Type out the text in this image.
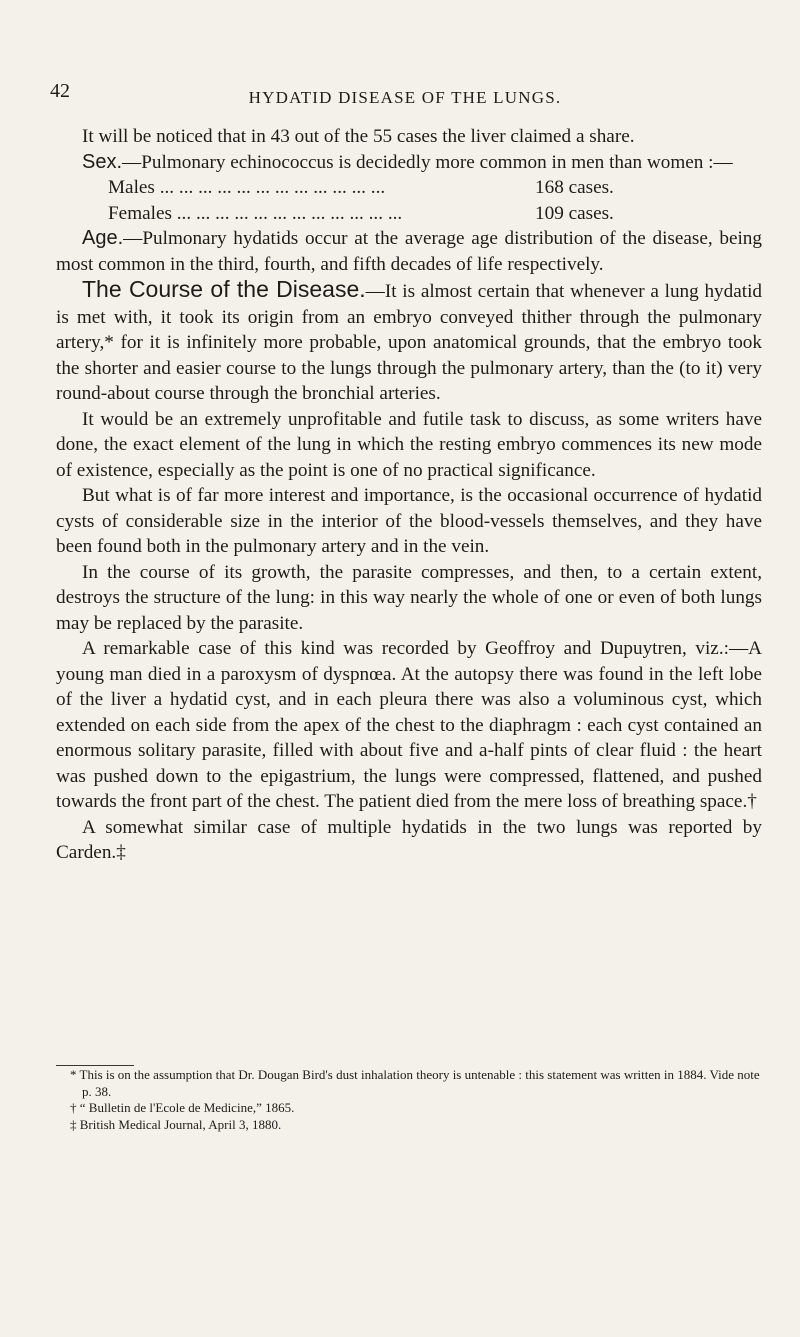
42	HYDATID DISEASE OF THE LUNGS.

It will be noticed that in 43 out of the 55 cases the liver claimed a share.

Sex.—Pulmonary echinococcus is decidedly more common in men than women :—

Males ... .	168 cases.
Females ... .	109 cases.

Age.—Pulmonary hydatids occur at the average age distribution of the disease, being most common in the third, fourth, and fifth decades of life respectively.

The Course of the Disease.—It is almost certain that whenever a lung hydatid is met with, it took its origin from an embryo conveyed thither through the pulmonary artery,* for it is infinitely more probable, upon anatomical grounds, that the embryo took the shorter and easier course to the lungs through the pulmonary artery, than the (to it) very round-about course through the bronchial arteries.

It would be an extremely unprofitable and futile task to discuss, as some writers have done, the exact element of the lung in which the resting embryo commences its new mode of existence, especially as the point is one of no practical significance.

But what is of far more interest and importance, is the occasional occurrence of hydatid cysts of considerable size in the interior of the blood-vessels themselves, and they have been found both in the pulmonary artery and in the vein.

In the course of its growth, the parasite compresses, and then, to a certain extent, destroys the structure of the lung: in this way nearly the whole of one or even of both lungs may be replaced by the parasite.

A remarkable case of this kind was recorded by Geoffroy and Dupuytren, viz.:—A young man died in a paroxysm of dyspnœa. At the autopsy there was found in the left lobe of the liver a hydatid cyst, and in each pleura there was also a voluminous cyst, which extended on each side from the apex of the chest to the diaphragm : each cyst contained an enormous solitary parasite, filled with about five and a-half pints of clear fluid : the heart was pushed down to the epigastrium, the lungs were compressed, flattened, and pushed towards the front part of the chest. The patient died from the mere loss of breathing space.†

A somewhat similar case of multiple hydatids in the two lungs was reported by Carden.‡

* This is on the assumption that Dr. Dougan Bird's dust inhalation theory is untenable : this statement was written in 1884. Vide note p. 38.

† “ Bulletin de l'Ecole de Medicine,” 1865.

‡ British Medical Journal, April 3, 1880.
